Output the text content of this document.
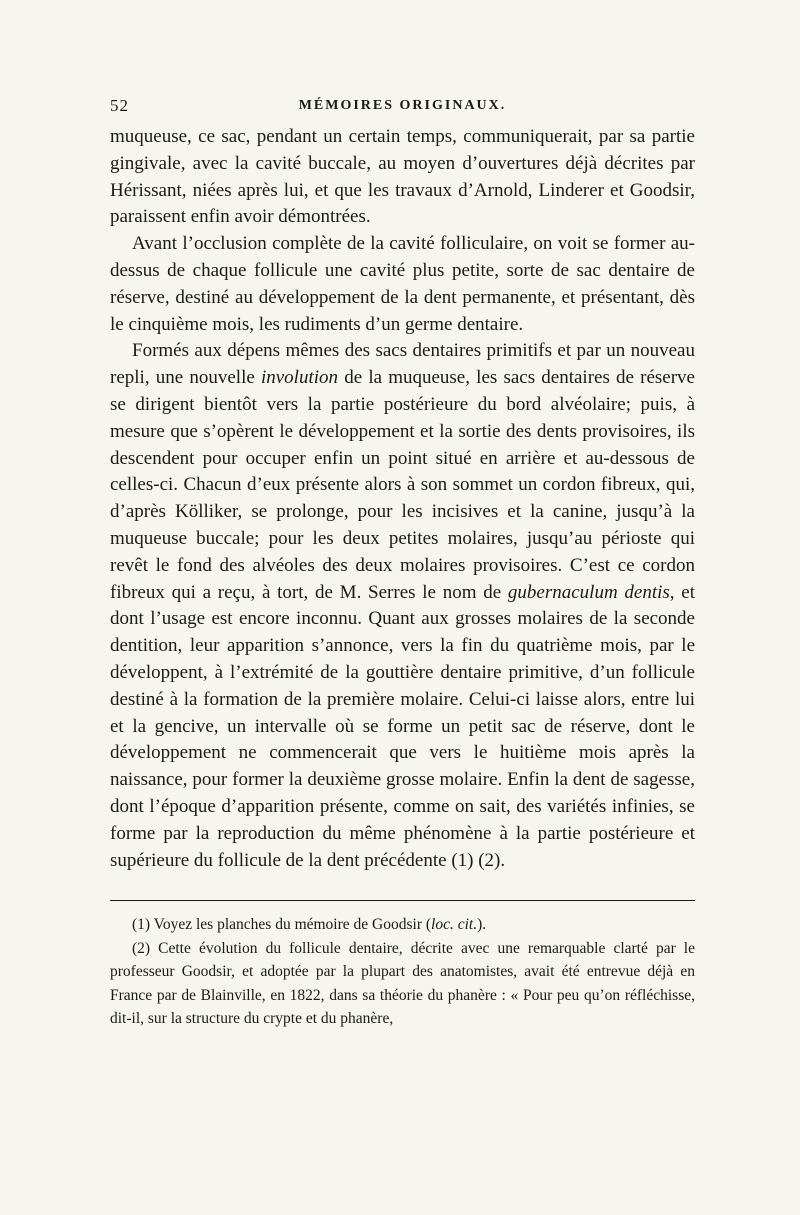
52	MÉMOIRES ORIGINAUX.

muqueuse, ce sac, pendant un certain temps, communiquerait, par sa partie gingivale, avec la cavité buccale, au moyen d’ouvertures déjà décrites par Hérissant, niées après lui, et que les travaux d’Arnold, Linderer et Goodsir, paraissent enfin avoir démontrées.

Avant l’occlusion complète de la cavité folliculaire, on voit se former au-dessus de chaque follicule une cavité plus petite, sorte de sac dentaire de réserve, destiné au développement de la dent permanente, et présentant, dès le cinquième mois, les rudiments d’un germe dentaire.

Formés aux dépens mêmes des sacs dentaires primitifs et par un nouveau repli, une nouvelle involution de la muqueuse, les sacs dentaires de réserve se dirigent bientôt vers la partie postérieure du bord alvéolaire; puis, à mesure que s’opèrent le développement et la sortie des dents provisoires, ils descendent pour occuper enfin un point situé en arrière et au-dessous de celles-ci. Chacun d’eux présente alors à son sommet un cordon fibreux, qui, d’après Kölliker, se prolonge, pour les incisives et la canine, jusqu’à la muqueuse buccale; pour les deux petites molaires, jusqu’au périoste qui revêt le fond des alvéoles des deux molaires provisoires. C’est ce cordon fibreux qui a reçu, à tort, de M. Serres le nom de gubernaculum dentis, et dont l’usage est encore inconnu. Quant aux grosses molaires de la seconde dentition, leur apparition s’annonce, vers la fin du quatrième mois, par le développent, à l’extrémité de la gouttière dentaire primitive, d’un follicule destiné à la formation de la première molaire. Celui-ci laisse alors, entre lui et la gencive, un intervalle où se forme un petit sac de réserve, dont le développement ne commencerait que vers le huitième mois après la naissance, pour former la deuxième grosse molaire. Enfin la dent de sagesse, dont l’époque d’apparition présente, comme on sait, des variétés infinies, se forme par la reproduction du même phénomène à la partie postérieure et supérieure du follicule de la dent précédente (1) (2).

(1) Voyez les planches du mémoire de Goodsir (loc. cit.).

(2) Cette évolution du follicule dentaire, décrite avec une remarquable clarté par le professeur Goodsir, et adoptée par la plupart des anatomistes, avait été entrevue déjà en France par de Blainville, en 1822, dans sa théorie du phanère : « Pour peu qu’on réfléchisse, dit-il, sur la structure du crypte et du phanère,
